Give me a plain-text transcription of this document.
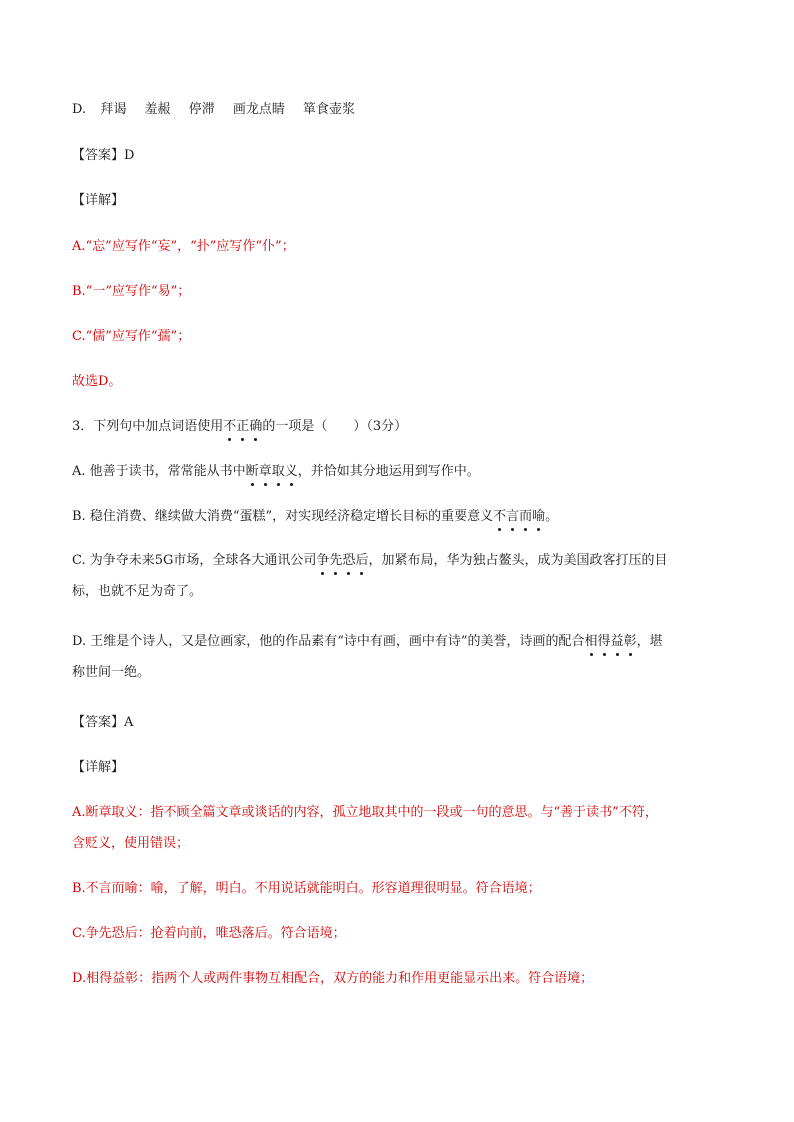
D. 拜谒 羞赧 停滞 画龙点睛 箪食壶浆
【答案】D
【详解】
A.“忘”应写作“妄”，“扑”应写作“仆”；
B.“一”应写作“易”；
C.“儒”应写作“孺”；
故选D。
3．下列句中加点词语使用不正确的一项是（　　）（3分）
A. 他善于读书，常常能从书中断章取义，并恰如其分地运用到写作中。
B. 稳住消费、继续做大消费“蛋糕”，对实现经济稳定增长目标的重要意义不言而喻。
C. 为争夺未来5G市场，全球各大通讯公司争先恐后，加紧布局，华为独占鳌头，成为美国政客打压的目
标，也就不足为奇了。
D. 王维是个诗人，又是位画家，他的作品素有“诗中有画，画中有诗”的美誉，诗画的配合相得益彰，堪
称世间一绝。
【答案】A
【详解】
A.断章取义：指不顾全篇文章或谈话的内容，孤立地取其中的一段或一句的意思。与“善于读书”不符，
含贬义，使用错误；
B.不言而喻：喻，了解，明白。不用说话就能明白。形容道理很明显。符合语境；
C.争先恐后：抢着向前，唯恐落后。符合语境；
D.相得益彰：指两个人或两件事物互相配合，双方的能力和作用更能显示出来。符合语境；
